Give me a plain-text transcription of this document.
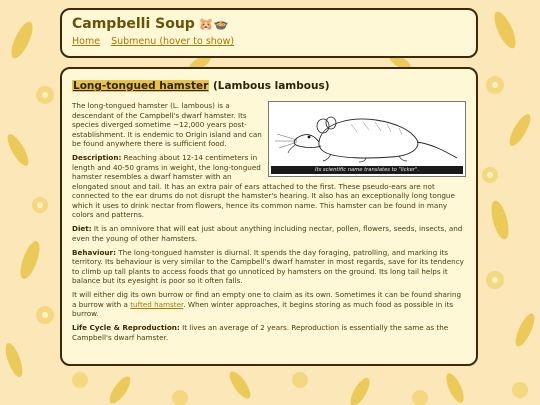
Campbelli Soup 🐹🍲
Home Submenu (hover to show)
Long-tongued hamster (Lambous lambous)
Its scientific name translates to "licker".

The long-tongued hamster (L. lambous) is a descendant of the Campbell's dwarf hamster. Its species diverged sometime ~12,000 years post-establishment. It is endemic to Origin island and can be found anywhere there is sufficient food.

Description: Reaching about 12-14 centimeters in length and 40-50 grams in weight, the long-tongued hamster resembles a dwarf hamster with an elongated snout and tail. It has an extra pair of ears attached to the first. These pseudo-ears are not connected to the ear drums do not disrupt the hamster's hearing. It also has an exceptionally long tongue which it uses to drink nectar from flowers, hence its common name. This hamster can be found in many colors and patterns.

Diet: It is an omnivore that will eat just about anything including nectar, pollen, flowers, seeds, insects, and even the young of other hamsters.

Behaviour: The long-tongued hamster is diurnal. It spends the day foraging, patrolling, and marking its territory. Its behaviour is very similar to the Campbell's dwarf hamster in most regards, save for its tendency to climb up tall plants to access foods that go unnoticed by hamsters on the ground. Its long tail helps it balance but its eyesight is poor so it often falls.

It will either dig its own burrow or find an empty one to claim as its own. Sometimes it can be found sharing a burrow with a tufted hamster. When winter approaches, it begins storing as much food as possible in its burrow.

Life Cycle & Reproduction: It lives an average of 2 years. Reproduction is essentially the same as the Campbell's dwarf hamster.
